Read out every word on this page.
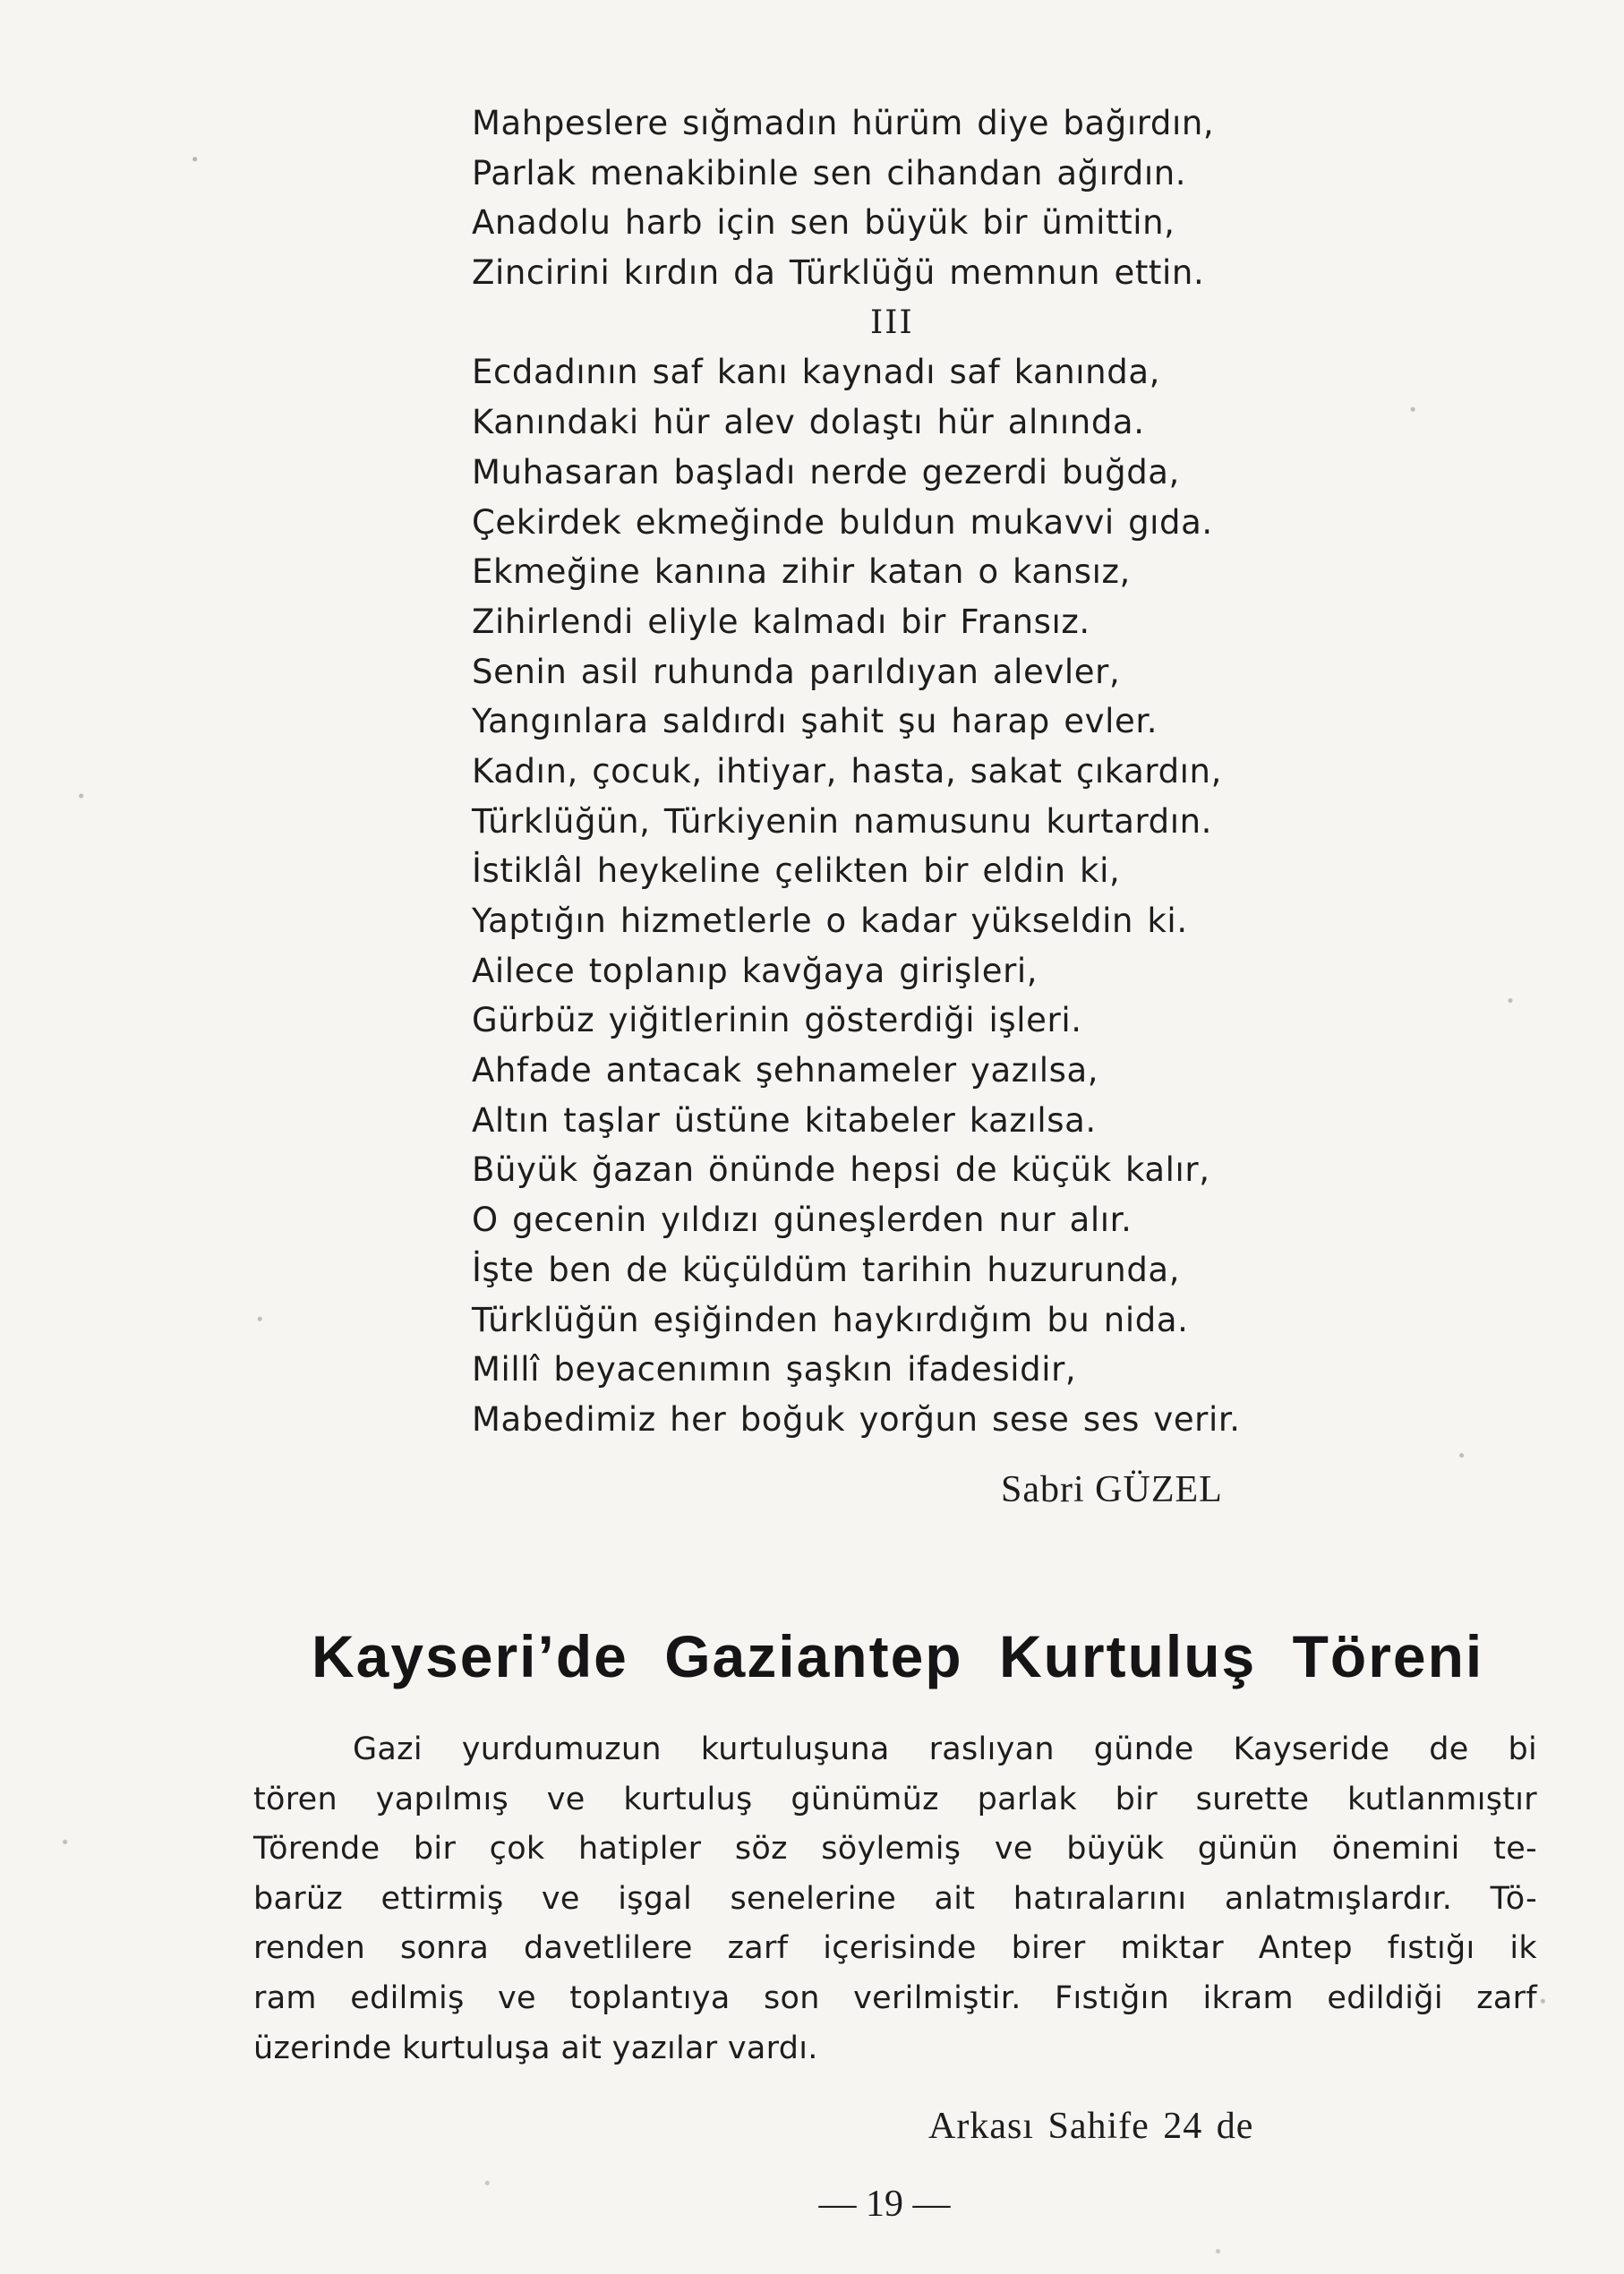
Mahpeslere sığmadın hürüm diye bağırdın,
Parlak menakibinle sen cihandan ağırdın.
Anadolu harb için sen büyük bir ümittin,
Zincirini kırdın da Türklüğü memnun ettin.
III
Ecdadının saf kanı kaynadı saf kanında,
Kanındaki hür alev dolaştı hür alnında.
Muhasaran başladı nerde gezerdi buğda,
Çekirdek ekmeğinde buldun mukavvi gıda.
Ekmeğine kanına zihir katan o kansız,
Zihirlendi eliyle kalmadı bir Fransız.
Senin asil ruhunda parıldıyan alevler,
Yangınlara saldırdı şahit şu harap evler.
Kadın, çocuk, ihtiyar, hasta, sakat çıkardın,
Türklüğün, Türkiyenin namusunu kurtardın.
İstiklâl heykeline çelikten bir eldin ki,
Yaptığın hizmetlerle o kadar yükseldin ki.
Ailece toplanıp kavğaya girişleri,
Gürbüz yiğitlerinin gösterdiği işleri.
Ahfade antacak şehnameler yazılsa,
Altın taşlar üstüne kitabeler kazılsa.
Büyük ğazan önünde hepsi de küçük kalır,
O gecenin yıldızı güneşlerden nur alır.
İşte ben de küçüldüm tarihin huzurunda,
Türklüğün eşiğinden haykırdığım bu nida.
Millî beyacenımın şaşkın ifadesidir,
Mabedimiz her boğuk yorğun sese ses verir.
Sabri GÜZEL
Kayseri’de Gaziantep Kurtuluş Töreni
Gazi yurdumuzun kurtuluşuna raslıyan günde Kayseride de bi
tören yapılmış ve kurtuluş günümüz parlak bir surette kutlanmıştır
Törende bir çok hatipler söz söylemiş ve büyük günün önemini te-
barüz ettirmiş ve işgal senelerine ait hatıralarını anlatmışlardır. Tö-
renden sonra davetlilere zarf içerisinde birer miktar Antep fıstığı ik
ram edilmiş ve toplantıya son verilmiştir. Fıstığın ikram edildiği zarf
üzerinde kurtuluşa ait yazılar vardı.
Arkası Sahife 24 de
— 19 —
